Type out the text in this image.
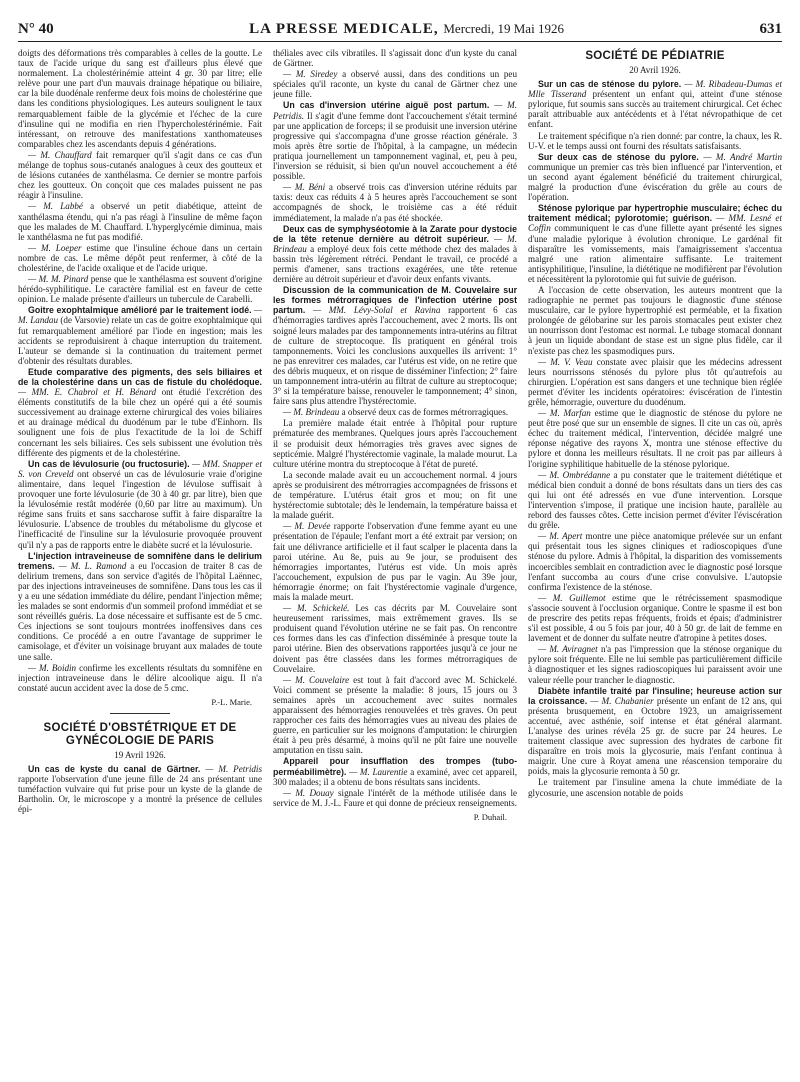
N° 40	LA PRESSE MEDICALE, Mercredi, 19 Mai 1926	631

doigts des déformations très comparables à celles de la goutte. Le taux de l'acide urique du sang est d'ailleurs plus élevé que normalement. La cholestérinémie atteint 4 gr. 30 par litre; elle relève pour une part d'un mauvais drainage hépatique ou biliaire, car la bile duodénale renferme deux fois moins de cholestérine que dans les conditions physiologiques. Les auteurs soulignent le taux remarquablement faible de la glycémie et l'échec de la cure d'insuline qui ne modifia en rien l'hypercholestérinémie. Fait intéressant, on retrouve des manifestations xanthomateuses comparables chez les ascendants depuis 4 générations.

— M. Chauffard fait remarquer qu'il s'agit dans ce cas d'un mélange de tophus sous-cutanés analogues à ceux des goutteux et de lésions cutanées de xanthélasma. Ce dernier se montre parfois chez les goutteux. On conçoit que ces malades puissent ne pas réagir à l'insuline.

— M. Labbé a observé un petit diabétique, atteint de xanthélasma étendu, qui n'a pas réagi à l'insuline de même façon que les malades de M. Chauffard. L'hyperglycémie diminua, mais le xanthélasma ne fut pas modifié.

— M. Loeper estime que l'insuline échoue dans un certain nombre de cas. Le même dépôt peut renfermer, à côté de la cholestérine, de l'acide oxalique et de l'acide urique.

— M. M. Pinard pense que le xanthélasma est souvent d'origine hérédo-syphilitique. Le caractère familial est en faveur de cette opinion. Le malade présente d'ailleurs un tubercule de Carabelli.

Goitre exophtalmique amélioré par le traitement iodé. — M. Landau (de Varsovie) relate un cas de goitre exophtalmique qui fut remarquablement amélioré par l'iode en ingestion; mais les accidents se reproduisirent à chaque interruption du traitement. L'auteur se demande si la continuation du traitement permet d'obtenir des résultats durables.

Etude comparative des pigments, des sels biliaires et de la cholestérine dans un cas de fistule du cholédoque. — MM. E. Chabrol et H. Bénard ont étudié l'excrétion des éléments constitutifs de la bile chez un opéré qui a été soumis successivement au drainage externe chirurgical des voies biliaires et au drainage médical du duodénum par le tube d'Einhorn. Ils soulignent une fois de plus l'exactitude de la loi de Schiff concernant les sels biliaires. Ces sels subissent une évolution très différente des pigments et de la cholestérine.

Un cas de lévulosurie (ou fructosurie). — MM. Snapper et S. von Creveld ont observé un cas de lévulosurie vraie d'origine alimentaire, dans lequel l'ingestion de lévulose suffisait à provoquer une forte lévulosurie (de 30 à 40 gr. par litre), bien que la lévulosémie restât modérée (0,60 par litre au maximum). Un régime sans fruits et sans saccharose suffit à faire disparaître la lévulosurie. L'absence de troubles du métabolisme du glycose et l'inefficacité de l'insuline sur la lévulosurie provoquée prouvent qu'il n'y a pas de rapports entre le diabète sucré et la lévulosurie.

L'injection intraveineuse de somnifène dans le delirium tremens. — M. L. Ramond a eu l'occasion de traiter 8 cas de delirium tremens, dans son service d'agités de l'hôpital Laënnec, par des injections intraveineuses de somnifène. Dans tous les cas il y a eu une sédation immédiate du délire, pendant l'injection même; les malades se sont endormis d'un sommeil profond immédiat et se sont réveillés guéris. La dose nécessaire et suffisante est de 5 cmc. Ces injections se sont toujours montrées inoffensives dans ces conditions. Ce procédé a en outre l'avantage de supprimer le camisolage, et d'éviter un voisinage bruyant aux malades de toute une salle.

— M. Boidin confirme les excellents résultats du somnifène en injection intraveineuse dans le délire alcoolique aigu. Il n'a constaté aucun accident avec la dose de 5 cmc.

P.-L. Marie.
SOCIÉTÉ D'OBSTÉTRIQUE ET DE GYNÉCOLOGIE DE PARIS
19 Avril 1926.

Un cas de kyste du canal de Gärtner. — M. Petridis rapporte l'observation d'une jeune fille de 24 ans présentant une tuméfaction vulvaire qui fut prise pour un kyste de la glande de Bartholin. Or, le microscope y a montré la présence de cellules épi-

théliales avec cils vibratiles. Il s'agissait donc d'un kyste du canal de Gärtner.

— M. Siredey a observé aussi, dans des conditions un peu spéciales qu'il raconte, un kyste du canal de Gärtner chez une jeune fille.

Un cas d'inversion utérine aiguë post partum. — M. Petridis. Il s'agit d'une femme dont l'accouchement s'était terminé par une application de forceps; il se produisit une inversion utérine progressive qui s'accompagna d'une grosse réaction générale. 3 mois après être sortie de l'hôpital, à la campagne, un médecin pratiqua journellement un tamponnement vaginal, et, peu à peu, l'inversion se réduisit, si bien qu'un nouvel accouchement a été possible.

— M. Béni a observé trois cas d'inversion utérine réduits par taxis: deux cas réduits 4 à 5 heures après l'accouchement se sont accompagnés de shock, le troisième cas a été réduit immédiatement, la malade n'a pas été shockée.

Deux cas de symphyséotomie à la Zarate pour dystocie de la tête retenue dernière au détroit supérieur. — M. Brindeau a employé deux fois cette méthode chez des malades à bassin très légèrement rétréci. Pendant le travail, ce procédé a permis d'amener, sans tractions exagérées, une tête retenue dernière au détroit supérieur et d'avoir deux enfants vivants.

Discussion de la communication de M. Couvelaire sur les formes métrorragiques de l'infection utérine post partum. — MM. Lévy-Solal et Ravina rapportent 6 cas d'hémorragies tardives après l'accouchement, avec 2 morts. Ils ont soigné leurs malades par des tamponnements intra-utérins au filtrat de culture de streptocoque. Ils pratiquent en général trois tamponnements. Voici les conclusions auxquelles ils arrivent: 1° ne pas enrevitrer ces malades, car l'utérus est vide, on ne retire que des débris muqueux, et on risque de disséminer l'infection; 2° faire un tamponnement intra-utérin au filtrat de culture au streptocoque; 3° si la température baisse, renouveler le tamponnement; 4° sinon, faire sans plus attendre l'hystérectomie.

— M. Brindeau a observé deux cas de formes métrorragiques.

La première malade était entrée à l'hôpital pour rupture prématurée des membranes. Quelques jours après l'accouchement il se produisit deux hémorragies très graves avec signes de septicémie. Malgré l'hystérectomie vaginale, la malade mourut. La culture utérine montra du streptocoque à l'état de pureté.

La seconde malade avait eu un accouchement normal. 4 jours après se produisirent des métrorragies accompagnées de frissons et de température. L'utérus était gros et mou; on fit une hystérectomie subtotale; dès le lendemain, la température baissa et la malade guérit.

— M. Devée rapporte l'observation d'une femme ayant eu une présentation de l'épaule; l'enfant mort a été extrait par version; on fait une délivrance artificielle et il faut scalper le placenta dans la paroi utérine. Au 8e, puis au 9e jour, se produisent des hémorragies importantes, l'utérus est vide. Un mois après l'accouchement, expulsion de pus par le vagin. Au 39e jour, hémorragie énorme; on fait l'hystérectomie vaginale d'urgence, mais la malade meurt.

— M. Schickelé. Les cas décrits par M. Couvelaire sont heureusement rarissimes, mais extrêmement graves. Ils se produisent quand l'évolution utérine ne se fait pas. On rencontre ces formes dans les cas d'infection disséminée à presque toute la paroi utérine. Bien des observations rapportées jusqu'à ce jour ne doivent pas être classées dans les formes métrorragiques de Couvelaire.

— M. Couvelaire est tout à fait d'accord avec M. Schickelé. Voici comment se présente la maladie: 8 jours, 15 jours ou 3 semaines après un accouchement avec suites normales apparaissent des hémorragies renouvelées et très graves. On peut rapprocher ces faits des hémorragies vues au niveau des plaies de guerre, en particulier sur les moignons d'amputation: le chirurgien était à peu près désarmé, à moins qu'il ne pût faire une nouvelle amputation en tissu sain.

Appareil pour insufflation des trompes (tubo-perméabilimètre). — M. Laurentie a examiné, avec cet appareil, 300 malades; il a obtenu de bons résultats sans incidents.

— M. Douay signale l'intérêt de la méthode utilisée dans le service de M. J.-L. Faure et qui donne de précieux renseignements.

P. Duhail.
SOCIÉTÉ DE PÉDIATRIE
20 Avril 1926.

Sur un cas de sténose du pylore. — M. Ribadeau-Dumas et Mlle Tisserand présentent un enfant qui, atteint d'une sténose pylorique, fut soumis sans succès au traitement chirurgical. Cet échec paraît attribuable aux antécédents et à l'état névropathique de cet enfant.

Le traitement spécifique n'a rien donné: par contre, la chaux, les R. U-V. et le temps aussi ont fourni des résultats satisfaisants.

Sur deux cas de sténose du pylore. — M. André Martin communique un premier cas très bien influencé par l'intervention, et un second ayant également bénéficié du traitement chirurgical, malgré la production d'une éviscération du grêle au cours de l'opération.

Sténose pylorique par hypertrophie musculaire; échec du traitement médical; pylorotomie; guérison. — MM. Lesné et Coffin communiquent le cas d'une fillette ayant présenté les signes d'une maladie pylorique à évolution chronique. Le gardénal fit disparaître les vomissements, mais l'amaigrissement s'accentua malgré une ration alimentaire suffisante. Le traitement antisyphilitique, l'insuline, la diététique ne modifièrent par l'évolution et nécessitèrent la pylorotomie qui fut suivie de guérison.

A l'occasion de cette observation, les auteurs montrent que la radiographie ne permet pas toujours le diagnostic d'une sténose musculaire, car le pylore hypertrophié est perméable, et la fixation prolongée de gélobarine sur les parois stomacales peut exister chez un nourrisson dont l'estomac est normal. Le tubage stomacal donnant à jeun un liquide abondant de stase est un signe plus fidèle, car il n'existe pas chez les spasmodiques purs.

— M. V. Veau constate avec plaisir que les médecins adressent leurs nourrissons sténosés du pylore plus tôt qu'autrefois au chirurgien. L'opération est sans dangers et une technique bien réglée permet d'éviter les incidents opératoires: éviscération de l'intestin grêle, hémorragie, ouverture du duodénum.

— M. Marfan estime que le diagnostic de sténose du pylore ne peut être posé que sur un ensemble de signes. Il cite un cas où, après échec du traitement médical, l'intervention, décidée malgré une réponse négative des rayons X, montra une sténose effective du pylore et donna les meilleurs résultats. Il ne croit pas par ailleurs à l'origine syphilitique habituelle de la sténose pylorique.

— M. Ombrédanne a pu constater que le traitement diététique et médical bien conduit a donné de bons résultats dans un tiers des cas qui lui ont été adressés en vue d'une intervention. Lorsque l'intervention s'impose, il pratique une incision haute, parallèle au rebord des fausses côtes. Cette incision permet d'éviter l'éviscération du grêle.

— M. Apert montre une pièce anatomique prélevée sur un enfant qui présentait tous les signes cliniques et radioscopiques d'une sténose du pylore. Admis à l'hôpital, la disparition des vomissements incoercibles semblait en contradiction avec le diagnostic posé lorsque l'enfant succomba au cours d'une crise convulsive. L'autopsie confirma l'existence de la sténose.

— M. Guillemot estime que le rétrécissement spasmodique s'associe souvent à l'occlusion organique. Contre le spasme il est bon de prescrire des petits repas fréquents, froids et épais; d'administrer s'il est possible, 4 ou 5 fois par jour, 40 à 50 gr. de lait de femme en lavement et de donner du sulfate neutre d'atropine à petites doses.

— M. Aviragnet n'a pas l'impression que la sténose organique du pylore soit fréquente. Elle ne lui semble pas particulièrement difficile à diagnostiquer et les signes radioscopiques lui paraissent avoir une valeur réelle pour trancher le diagnostic.

Diabète infantile traité par l'insuline; heureuse action sur la croissance. — M. Chabanier présente un enfant de 12 ans, qui présenta brusquement, en Octobre 1923, un amaigrissement accentué, avec asthénie, soif intense et état général alarmant. L'analyse des urines révéla 25 gr. de sucre par 24 heures. Le traitement classique avec supression des hydrates de carbone fit disparaître en trois mois la glycosurie, mais l'enfant continua à maigrir. Une cure à Royat amena une réascension temporaire du poids, mais la glycosurie remonta à 50 gr.

Le traitement par l'insuline amena la chute immédiate de la glycosurie, une ascension notable de poids
